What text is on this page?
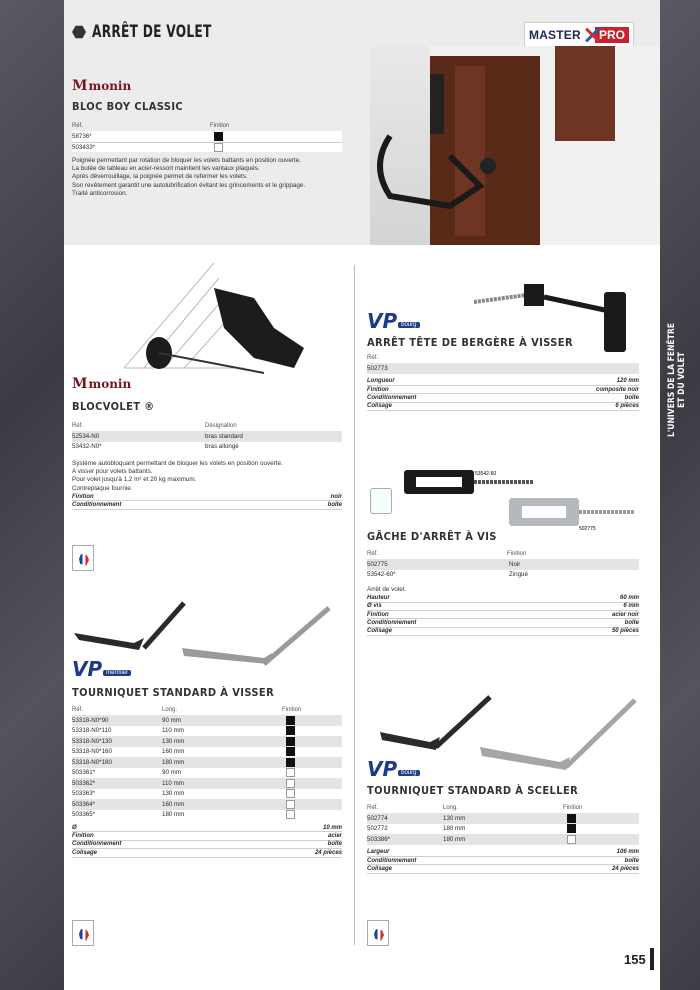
L'UNIVERS DE LA FENÊTRE ET DU VOLET
ARRÊT DE VOLET	MASTER	PRO
M monin
BLOC BOY CLASSIC
Réf.	Finition
58736*
503433*
Poignée permettant par rotation de bloquer les volets battants en position ouverte.
La butée de tableau en acier-ressort maintient les vantaux plaqués.
Après déverrouillage, la poignée permet de refermer les volets.
Son revêtement garantit une autolubrification évitant les grincements et le grippage.
Traité anticorrosion.
M monin
BLOCVOLET ®
Réf.	Désignation
52534-N0	bras standard
53432-N0*	bras allongé
Système autobloquant permettant de bloquer les volets en position ouverte.
A visser pour volets battants.
Pour volet jusqu'à 1,2 m² et 20 kg maximum.
Contreplaque fournie.
Finition	noir
Conditionnement	boîte
VP mermier
TOURNIQUET STANDARD À VISSER
Réf.	Long.	Finition
53318-N0*90	90 mm
53318-N0*110	110 mm
53318-N0*130	130 mm
53318-N0*160	160 mm
53318-N0*180	180 mm
503361*	90 mm
503362*	110 mm
503363*	130 mm
503364*	160 mm
503365*	180 mm
Ø	10 mm
Finition	acier
Conditionnement	boîte
Colisage	24 pièces
VP bourg
ARRÊT TÊTE DE BERGÈRE À VISSER
Réf.
502773
Longueur	120 mm
Finition	composite noir
Conditionnement	boîte
Colisage	6 pièces
53542-60
502775
GÂCHE D'ARRÊT À VIS
Réf.	Finition
502775	Noir
53542-60*	Zingué
Arrêt de volet.
Hauteur	60 mm
Ø vis	6 mm
Finition	acier noir
Conditionnement	boîte
Colisage	50 pièces
VP bourg
TOURNIQUET STANDARD À SCELLER
Réf.	Long.	Finition
502774	130 mm
502772	180 mm
503386*	180 mm
Largeur	106 mm
Conditionnement	boîte
Colisage	24 pièces
155
